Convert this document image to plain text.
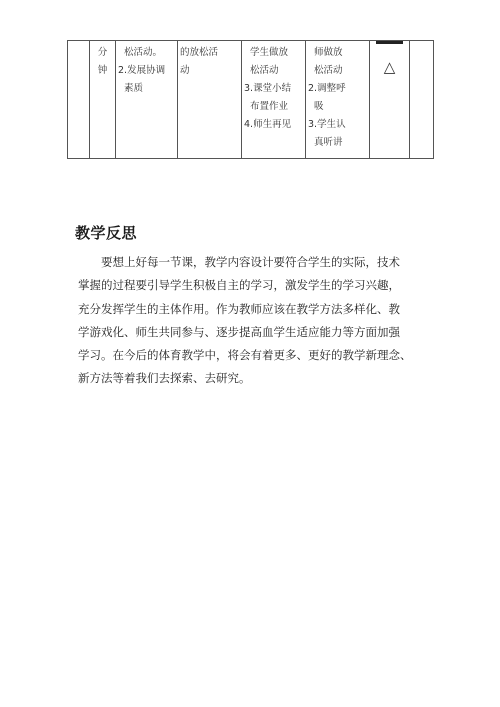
分
钟

松活动。
2.发展协调
素质

的放松活
动

学生做放
松活动
3.课堂小结
布置作业
4.师生再见

师做放
松活动
2.调整呼
吸
3.学生认
真听讲

△

教学反思
要想上好每一节课，教学内容设计要符合学生的实际，技术
掌握的过程要引导学生积极自主的学习，激发学生的学习兴趣，
充分发挥学生的主体作用。作为教师应该在教学方法多样化、教
学游戏化、师生共同参与、逐步提高血学生适应能力等方面加强
学习。在今后的体育教学中，将会有着更多、更好的教学新理念、
新方法等着我们去探索、去研究。
